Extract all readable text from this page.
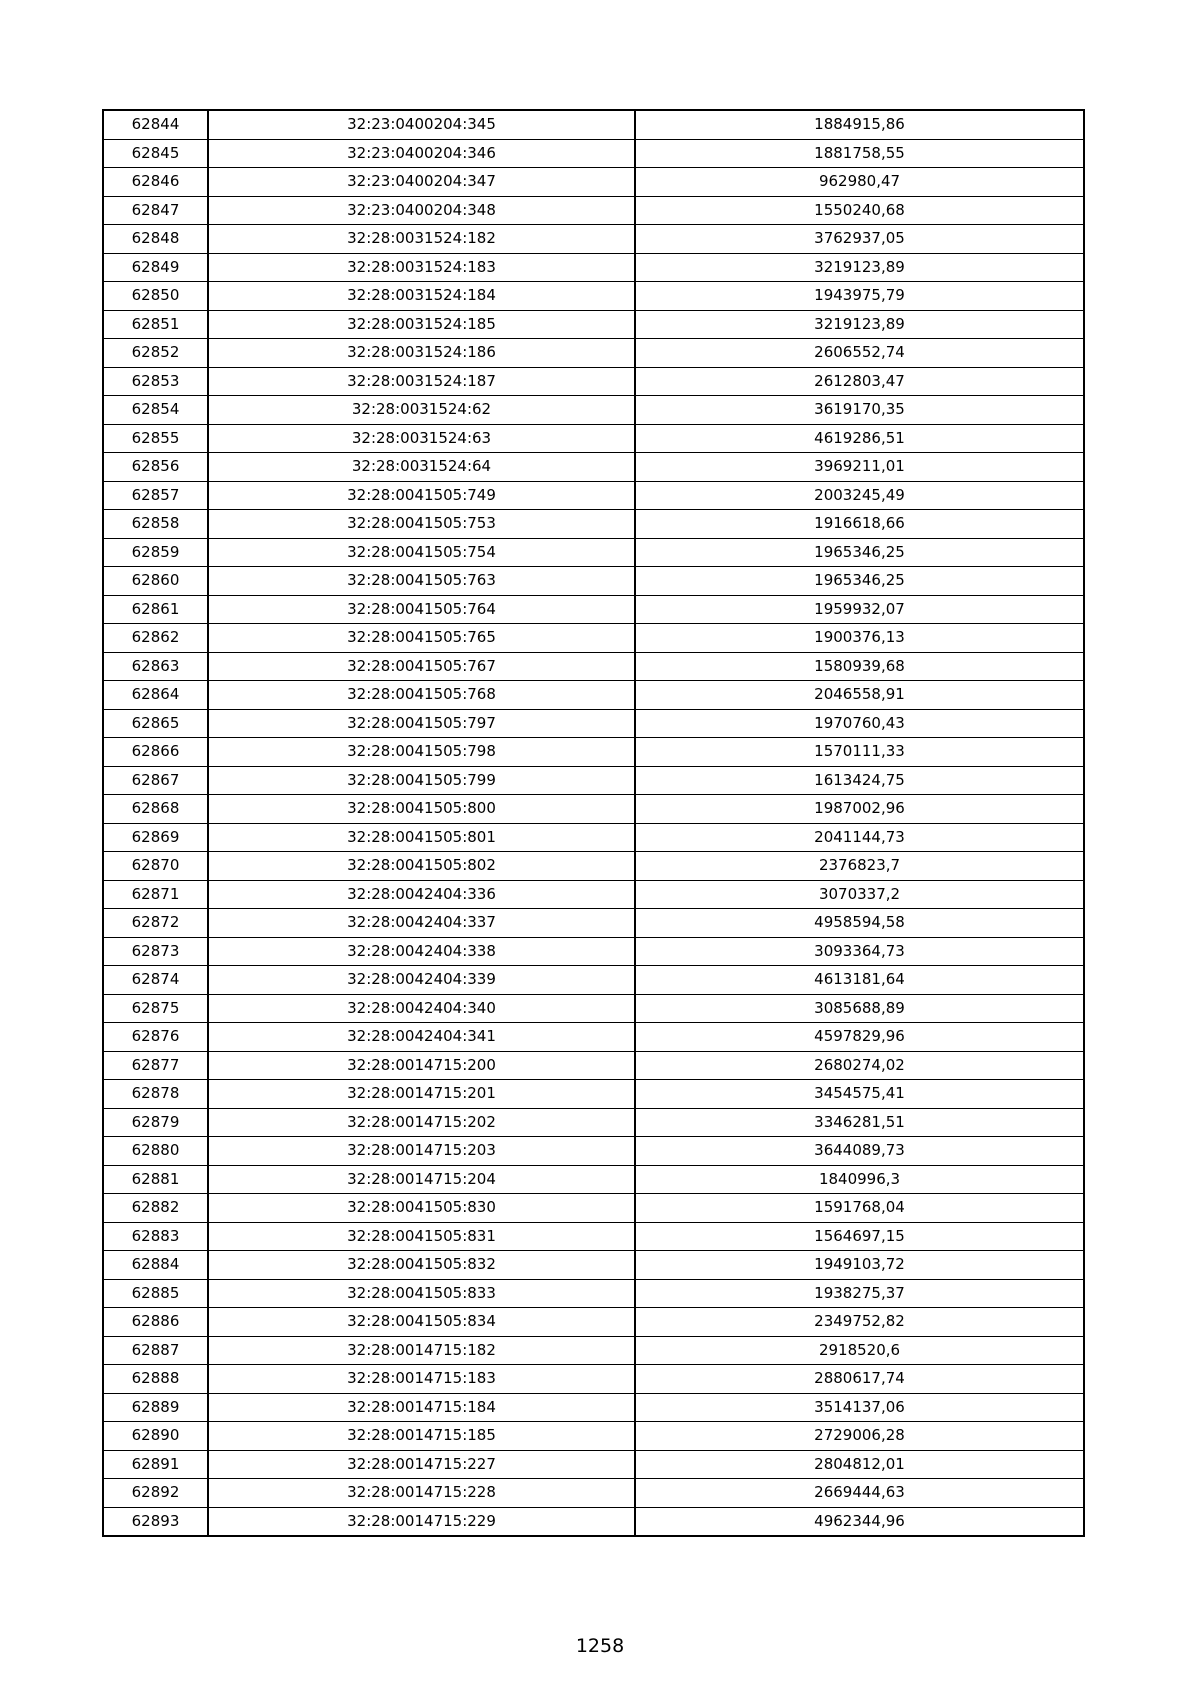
62844	32:23:0400204:345	1884915,86
62845	32:23:0400204:346	1881758,55
62846	32:23:0400204:347	962980,47
62847	32:23:0400204:348	1550240,68
62848	32:28:0031524:182	3762937,05
62849	32:28:0031524:183	3219123,89
62850	32:28:0031524:184	1943975,79
62851	32:28:0031524:185	3219123,89
62852	32:28:0031524:186	2606552,74
62853	32:28:0031524:187	2612803,47
62854	32:28:0031524:62	3619170,35
62855	32:28:0031524:63	4619286,51
62856	32:28:0031524:64	3969211,01
62857	32:28:0041505:749	2003245,49
62858	32:28:0041505:753	1916618,66
62859	32:28:0041505:754	1965346,25
62860	32:28:0041505:763	1965346,25
62861	32:28:0041505:764	1959932,07
62862	32:28:0041505:765	1900376,13
62863	32:28:0041505:767	1580939,68
62864	32:28:0041505:768	2046558,91
62865	32:28:0041505:797	1970760,43
62866	32:28:0041505:798	1570111,33
62867	32:28:0041505:799	1613424,75
62868	32:28:0041505:800	1987002,96
62869	32:28:0041505:801	2041144,73
62870	32:28:0041505:802	2376823,7
62871	32:28:0042404:336	3070337,2
62872	32:28:0042404:337	4958594,58
62873	32:28:0042404:338	3093364,73
62874	32:28:0042404:339	4613181,64
62875	32:28:0042404:340	3085688,89
62876	32:28:0042404:341	4597829,96
62877	32:28:0014715:200	2680274,02
62878	32:28:0014715:201	3454575,41
62879	32:28:0014715:202	3346281,51
62880	32:28:0014715:203	3644089,73
62881	32:28:0014715:204	1840996,3
62882	32:28:0041505:830	1591768,04
62883	32:28:0041505:831	1564697,15
62884	32:28:0041505:832	1949103,72
62885	32:28:0041505:833	1938275,37
62886	32:28:0041505:834	2349752,82
62887	32:28:0014715:182	2918520,6
62888	32:28:0014715:183	2880617,74
62889	32:28:0014715:184	3514137,06
62890	32:28:0014715:185	2729006,28
62891	32:28:0014715:227	2804812,01
62892	32:28:0014715:228	2669444,63
62893	32:28:0014715:229	4962344,96
1258
